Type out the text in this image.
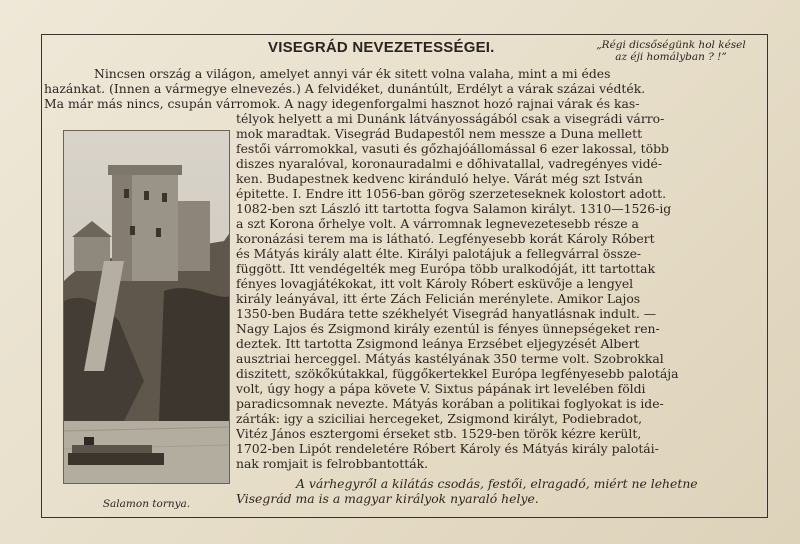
VISEGRÁD NEVEZETESSÉGEI.	„Régi dicsőségünk hol késel
az éji homályban ? !”
Nincsen ország a világon, amelyet annyi vár ék sitett volna valaha, mint a mi édes
hazánkat. (Innen a vármegye elnevezés.) A felvidéket, dunántúlt, Erdélyt a várak százai védték.
Ma már más nincs, csupán várromok. A nagy idegenforgalmi hasznot hozó rajnai várak és kas-
Salamon tornya.
télyok helyett a mi Dunánk látványosságából csak a visegrádi várro-
mok maradtak. Visegrád Budapestől nem messze a Duna mellett
festői várromokkal, vasuti és gőzhajóállomással 6 ezer lakossal, több
diszes nyaralóval, koronauradalmi e dőhivatallal, vadregényes vidé-
ken. Budapestnek kedvenc kiránduló helye. Várát még szt István
épitette. I. Endre itt 1056-ban görög szerzeteseknek kolostort adott.
1082-ben szt László itt tartotta fogva Salamon királyt. 1310—1526-ig
a szt Korona őrhelye volt. A várromnak legnevezetesebb része a
koronázási terem ma is látható. Legfényesebb korát Károly Róbert
és Mátyás király alatt élte. Királyi palotájuk a fellegvárral össze-
függött. Itt vendégelték meg Európa több uralkodóját, itt tartottak
fényes lovagjátékokat, itt volt Károly Róbert esküvője a lengyel
király leányával, itt érte Zách Felicián merénylete. Amikor Lajos
1350-ben Budára tette székhelyét Visegrád hanyatlásnak indult. —
Nagy Lajos és Zsigmond király ezentúl is fényes ünnepségeket ren-
deztek. Itt tartotta Zsigmond leánya Erzsébet eljegyzését Albert
ausztriai herceggel. Mátyás kastélyának 350 terme volt. Szobrokkal
diszitett, szökőkútakkal, függőkertekkel Európa legfényesebb palotája
volt, úgy hogy a pápa követe V. Sixtus pápának irt levelében földi
paradicsomnak nevezte. Mátyás korában a politikai foglyokat is ide-
zárták: igy a sziciliai hercegeket, Zsigmond királyt, Podiebradot,
Vitéz János esztergomi érseket stb. 1529-ben török kézre került,
1702-ben Lipót rendeletére Róbert Károly és Mátyás király palotái-
nak romjait is felrobbantották.
A várhegyről a kilátás csodás, festői, elragadó, miért ne lehetne
Visegrád ma is a magyar királyok nyaraló helye.
